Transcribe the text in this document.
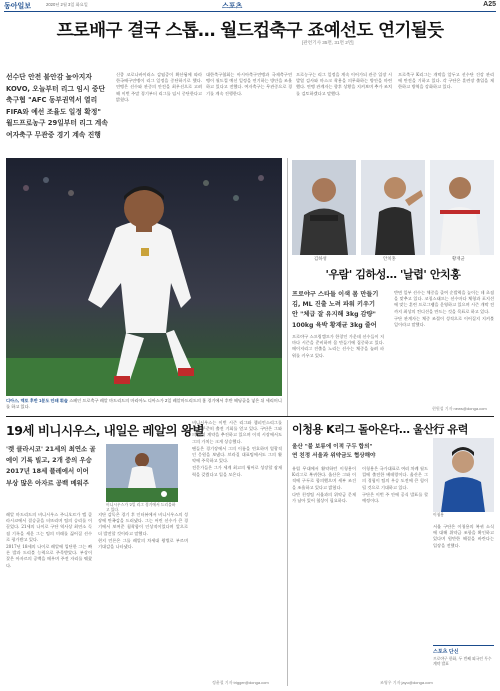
동아일보	2020년 2월 3일 화요일	스포츠	A25
프로배구 결국 스톱… 월드컵축구 죠예선도 연기될듯
[관련기사 35면, 31면 2면]
선수단 안전 불안감 높아지자
KOVO, 오늘부터 리그 임시 중단
축구협 "AFC 동부권역서 열리
FIFA와 예선 조율도 일정 확정"
월드프로농구 29일부터 리그 계속
여자축구 무관중 경기 계속 진행

신종 코로나바이러스 감염증이 확산됨에 따라 한국배구연맹이 리그 일정을 중단하기로 했다. 연맹은 선수와 관중의 안전을 최우선으로 고려해 이번 주말 경기부터 리그를 임시 중단한다고 밝혔다.

대한축구협회는 아시아축구연맹과 국제축구연맹이 월드컵 예선 일정을 연기하는 방안을 조율하고 있다고 전했다. 여자축구는 무관중으로 경기를 계속 진행한다.

프로농구는 리그 일정을 계속 이어가되 관중 입장 시 발열 검사와 마스크 착용을 의무화하는 방안을 마련했다. 연맹 관계자는 향후 상황을 지켜보며 추가 조치를 검토하겠다고 말했다.

프로축구 K리그는 개막을 앞두고 선수단 건강 관리에 만전을 기하고 있다. 각 구단은 훈련장 출입을 제한하고 방역을 강화하고 있다.

디아스, 엑토 후반 1분도 안돼 휘슬 스페인 프로축구 레알 마드리드의 마리아노 디아스가 2일 레알마드리드의 홈 경기에서 후반 헤딩골을 넣은 뒤 세리머니를 하고 있다.
김하성	안치홍	황재균
'우람' 김하성… '날렵' 안치홍
프로야구 스타들 이색 몸 만들기
김, ML 진출 노려 파워 키우기
안 "체급 잘 유지해 3kg 감량"
100kg 육박 황재균 3kg 줄어

프로야구 스프링캠프가 한창인 가운데 선수들이 저마다 시즌을 준비하며 몸 만들기에 집중하고 있다. 메이저리그 진출을 노리는 선수는 체중을 늘려 파워를 키우고 있다.

반면 일부 선수는 체중을 줄여 순발력을 높이는 데 초점을 맞추고 있다. 코칭스태프는 선수마다 체형과 포지션에 맞는 훈련 프로그램을 운영하고 있으며 시즌 개막 전까지 최상의 컨디션을 만드는 것을 목표로 하고 있다.

구단 관계자는 체중 조절이 성적으로 이어질지 지켜볼 일이라고 말했다.

현원섭 기자 news@donga.com
19세 비니시우스, 내일은 레알의 왕별
'렛 클라시코' 21세의 최연소 골
에이 기록 빌고, 2개 중의 우승
2017년 18세 플레에서 이어
부상 많은 아자르 공백 메워주
비니시우스가 '2일 리그 경기에서 드리블하고 있다.

레알 마드리드의 비니시우스 주니오르가 엘 클라시코에서 결승골을 터뜨리며 팀의 승리를 이끌었다. 21세의 나이로 구단 역사상 최연소 득점 기록을 세운 그는 팀의 미래를 짊어질 선수로 평가받고 있다.

2017년 18세의 나이로 레알에 입단한 그는 빠른 발과 드리블 능력으로 주목받았다. 부상이 잦은 아자르의 공백을 메우며 주전 자리를 꿰찼다.

지단 감독은 경기 후 인터뷰에서 비니시우스의 성장에 만족감을 드러냈다. 그는 어린 선수가 큰 경기에서 보여준 침착함이 인상적이었다며 앞으로 더 발전할 것이라고 말했다.

현지 언론은 그를 레알의 차세대 왕별로 부르며 기대감을 나타냈다.

비니시우스는 이번 시즌 리그와 챔피언스리그를 합쳐 꾸준히 출전 기회를 얻고 있다. 구단은 그와의 장기 계약을 추진하고 있으며 이적 시장에서도 그의 가치는 크게 상승했다.

팬들은 경기장에서 그의 이름을 연호하며 열광적인 응원을 보냈다. 브라질 대표팀에서도 그의 활약에 주목하고 있다.

전문가들은 그가 세계 최고의 윙어로 성장할 잠재력을 갖췄다고 입을 모은다.

정윤철 기자 trigger@donga.com
이청용 K리그 돌아온다… 울산行 유력
울산 "불 보류에 이적 구두 합의"
연 친정 서울과 위약금도 협상해야
이청용

유럽 무대에서 활약하던 이청용이 K리그로 복귀한다. 울산은 그와 이적에 구두로 합의했으며 세부 조건을 조율하고 있다고 밝혔다.

다만 친정팀 서울과의 위약금 문제가 남아 있어 협상이 필요하다.

이청용은 국가대표로 여러 차례 월드컵에 출전한 베테랑이다. 울산은 그의 경험이 팀의 우승 도전에 큰 힘이 될 것으로 기대하고 있다.

구단은 이번 주 안에 공식 발표를 할 예정이다.

서울 구단은 이청용의 복귀 소식에 대해 위약금 조항을 확인하고 있다며 원만한 해결을 바란다는 입장을 전했다.

조영우 기자 jayu@donga.com
스포츠 단신
프로야구 한화, 두 번째 외국인 투수 계약 발표
